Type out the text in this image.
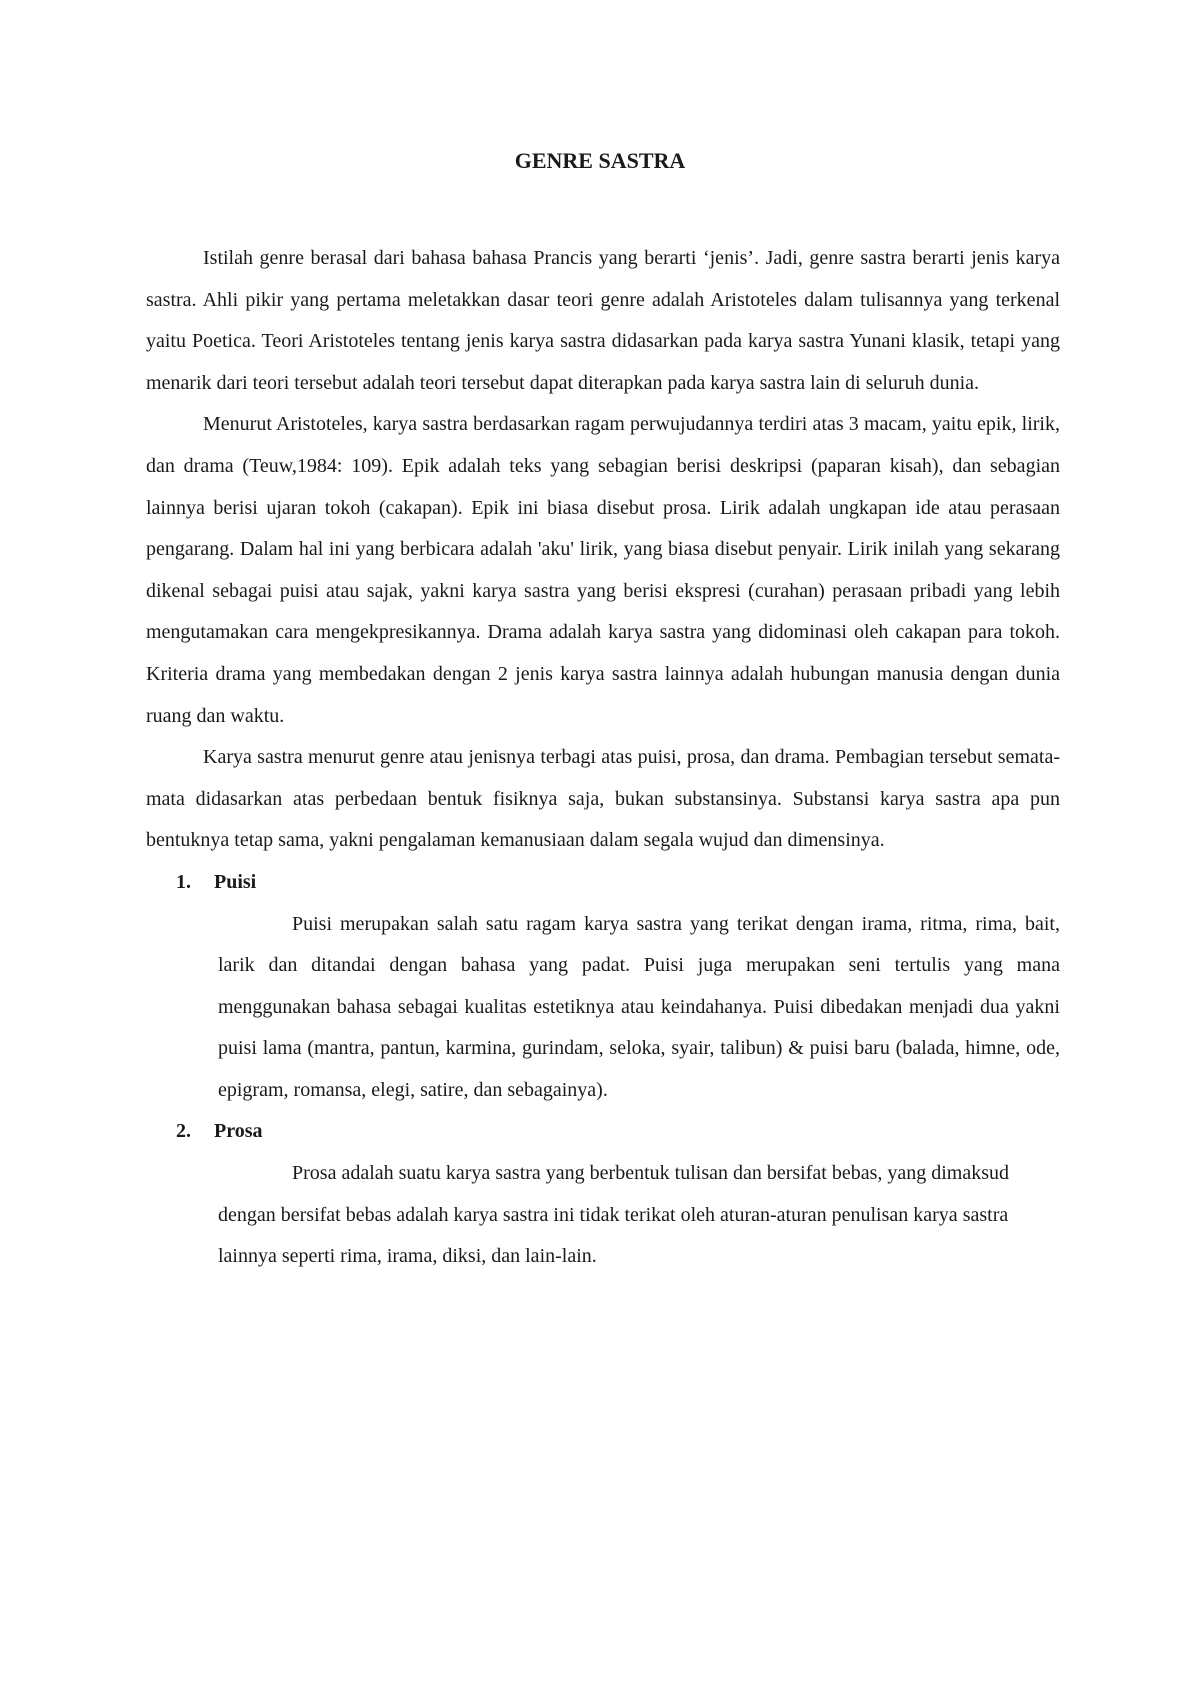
GENRE SASTRA

Istilah genre berasal dari bahasa bahasa Prancis yang berarti ‘jenis’. Jadi, genre sastra berarti jenis karya sastra. Ahli pikir yang pertama meletakkan dasar teori genre adalah Aristoteles dalam tulisannya yang terkenal yaitu Poetica. Teori Aristoteles tentang jenis karya sastra didasarkan pada karya sastra Yunani klasik, tetapi yang menarik dari teori tersebut adalah teori tersebut dapat diterapkan pada karya sastra lain di seluruh dunia.

Menurut Aristoteles, karya sastra berdasarkan ragam perwujudannya terdiri atas 3 macam, yaitu epik, lirik, dan drama (Teuw,1984: 109). Epik adalah teks yang sebagian berisi deskripsi (paparan kisah), dan sebagian lainnya berisi ujaran tokoh (cakapan). Epik ini biasa disebut prosa. Lirik adalah ungkapan ide atau perasaan pengarang. Dalam hal ini yang berbicara adalah 'aku' lirik, yang biasa disebut penyair. Lirik inilah yang sekarang dikenal sebagai puisi atau sajak, yakni karya sastra yang berisi ekspresi (curahan) perasaan pribadi yang lebih mengutamakan cara mengekpresikannya. Drama adalah karya sastra yang didominasi oleh cakapan para tokoh. Kriteria drama yang membedakan dengan 2 jenis karya sastra lainnya adalah hubungan manusia dengan dunia ruang dan waktu.

Karya sastra menurut genre atau jenisnya terbagi atas puisi, prosa, dan drama. Pembagian tersebut semata-mata didasarkan atas perbedaan bentuk fisiknya saja, bukan substansinya. Substansi karya sastra apa pun bentuknya tetap sama, yakni pengalaman kemanusiaan dalam segala wujud dan dimensinya.

1.	Puisi

Puisi merupakan salah satu ragam karya sastra yang terikat dengan irama, ritma, rima, bait, larik dan ditandai dengan bahasa yang padat. Puisi juga merupakan seni tertulis yang mana menggunakan bahasa sebagai kualitas estetiknya atau keindahanya. Puisi dibedakan menjadi dua yakni puisi lama (mantra, pantun, karmina, gurindam, seloka, syair, talibun) & puisi baru (balada, himne, ode, epigram, romansa, elegi, satire, dan sebagainya).

2.	Prosa

Prosa adalah suatu karya sastra yang berbentuk tulisan dan bersifat bebas, yang dimaksud dengan bersifat bebas adalah karya sastra ini tidak terikat oleh aturan-aturan penulisan karya sastra lainnya seperti rima, irama, diksi, dan lain-lain.
